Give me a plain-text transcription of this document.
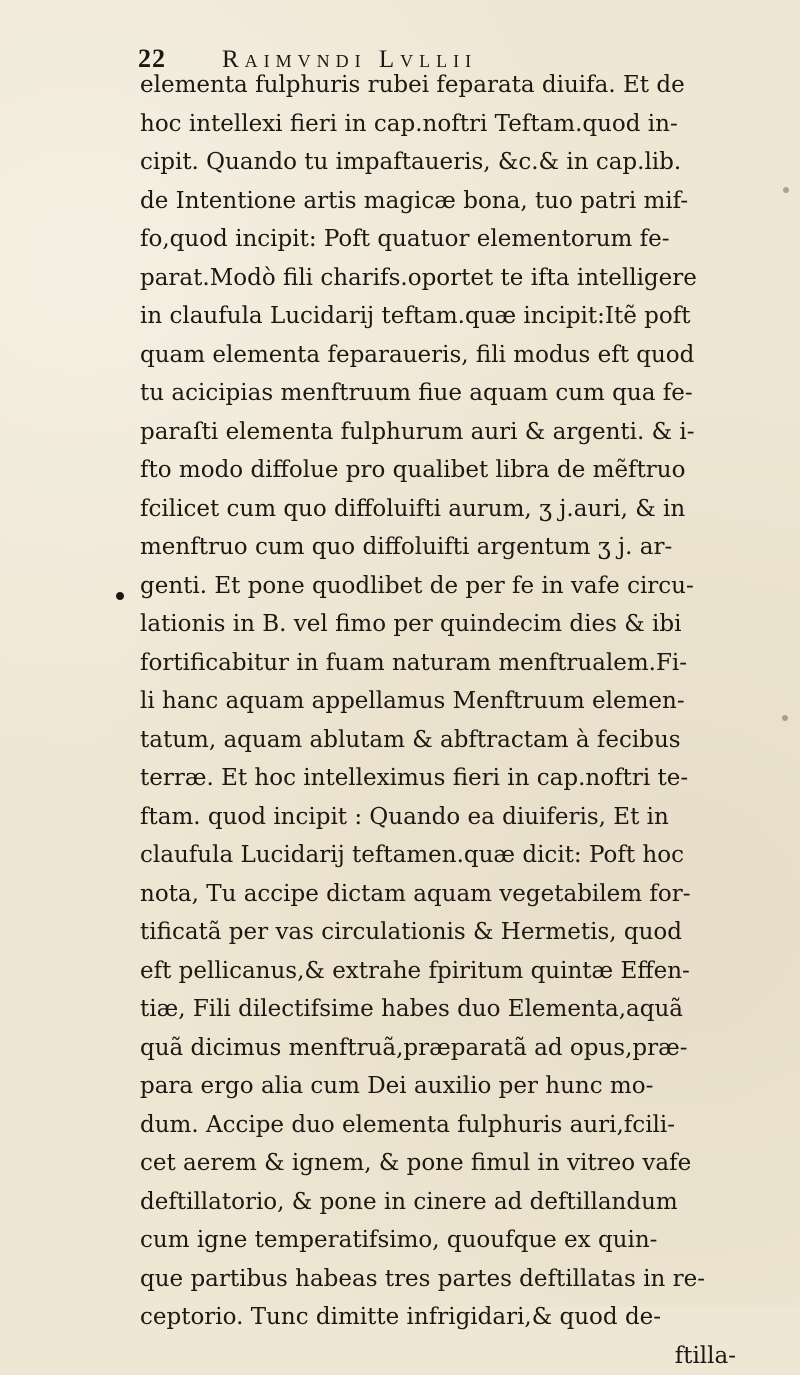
22 Raimvndi Lvllii
elementa fulphuris rubei feparata diuifa. Et de
hoc intellexi fieri in cap.noftri Teftam.quod in-
cipit. Quando tu impaftaueris, &c.& in cap.lib.
de Intentione artis magicæ bona, tuo patri mif-
fo,quod incipit: Poft quatuor elementorum fe-
parat.Modò fili charifs.oportet te ifta intelligere
in claufula Lucidarij teftam.quæ incipit:Itẽ poft
quam elementa feparaueris, fili modus eft quod
tu acicipias menftruum fiue aquam cum qua fe-
paraſti elementa fulphurum auri & argenti. & i-
fto modo diffolue pro qualibet libra de mẽftruo
fcilicet cum quo diffoluifti aurum, ʒ j.auri, & in
menftruo cum quo diffoluifti argentum ʒ j. ar-
genti. Et pone quodlibet de per fe in vafe circu-
lationis in B. vel fimo per quindecim dies & ibi
fortificabitur in fuam naturam menftrualem.Fi-
li hanc aquam appellamus Menftruum elemen-
tatum, aquam ablutam & abftractam à fecibus
terræ. Et hoc intelleximus fieri in cap.noftri te-
ftam. quod incipit : Quando ea diuiferis, Et in
claufula Lucidarij teftamen.quæ dicit: Poft hoc
nota, Tu accipe dictam aquam vegetabilem for-
tificatã per vas circulationis & Hermetis, quod
eft pellicanus,& extrahe fpiritum quintæ Effen-
tiæ, Fili dilectifsime habes duo Elementa,aquã
quã dicimus menftruã,præparatã ad opus,præ-
para ergo alia cum Dei auxilio per hunc mo-
dum. Accipe duo elementa fulphuris auri,fcili-
cet aerem & ignem, & pone fimul in vitreo vafe
deftillatorio, & pone in cinere ad deftillandum
cum igne temperatifsimo, quoufque ex quin-
que partibus habeas tres partes deftillatas in re-
ceptorio. Tunc dimitte infrigidari,& quod de-
ftilla-
